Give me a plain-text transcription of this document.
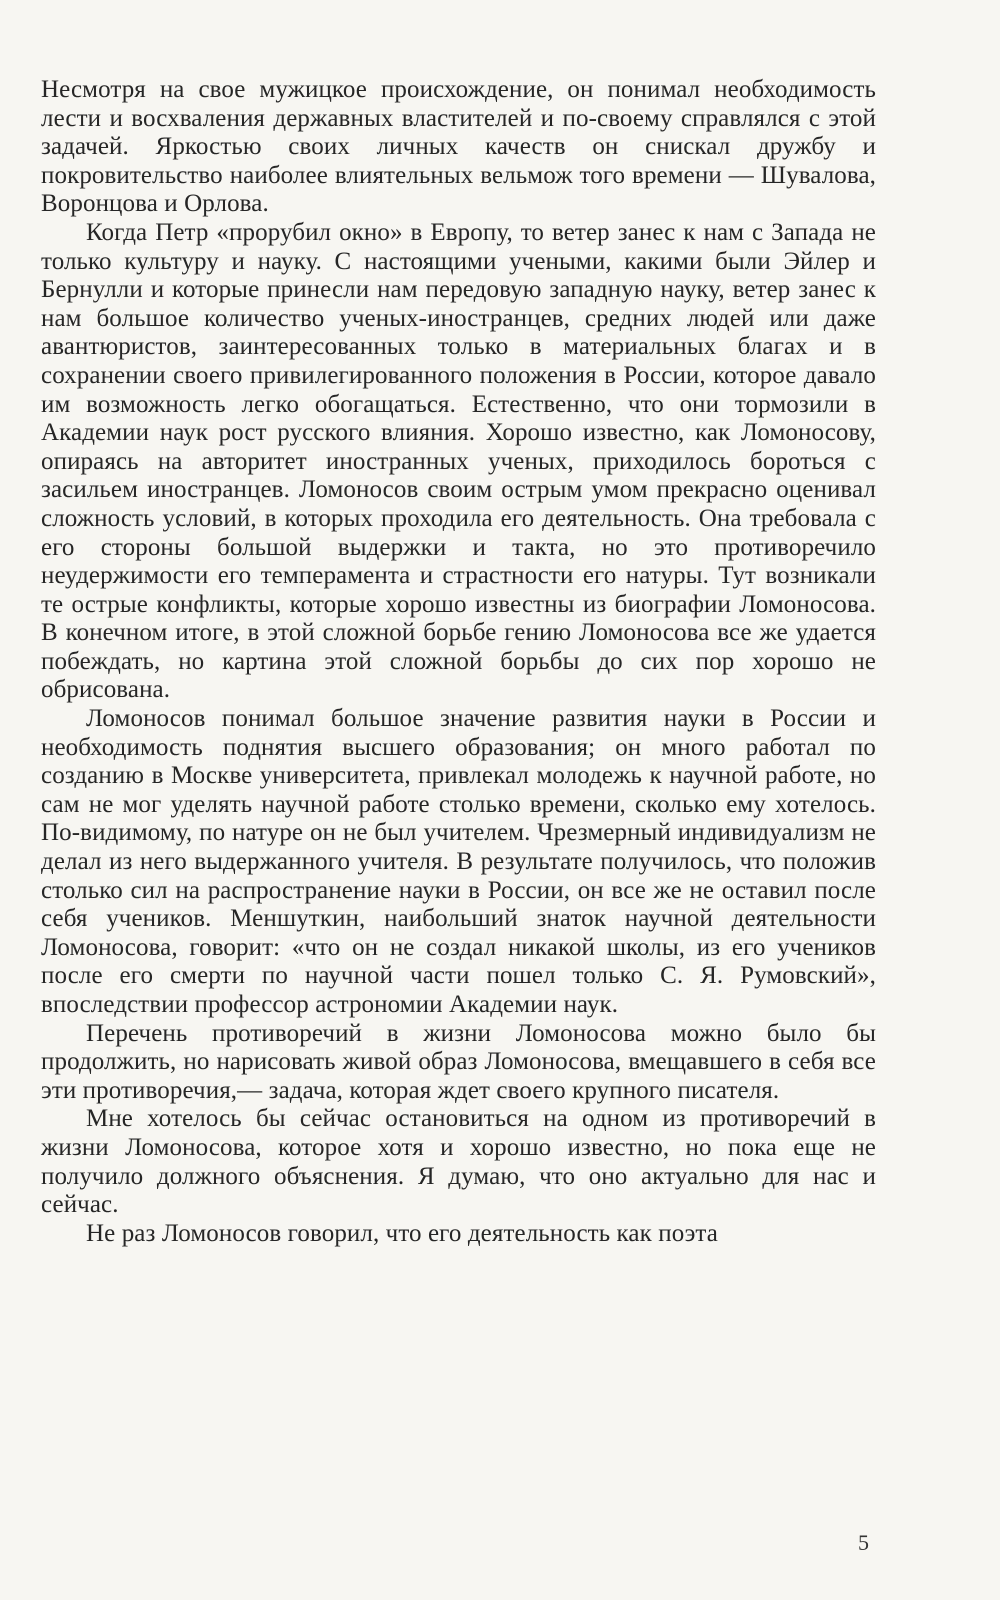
Несмотря на свое мужицкое происхождение, он понимал необходимость лести и восхваления державных властителей и по-своему справлялся с этой задачей. Яркостью своих личных качеств он снискал дружбу и покровительство наиболее влиятельных вельмож того времени — Шувалова, Воронцова и Орлова.

Когда Петр «прорубил окно» в Европу, то ветер занес к нам с Запада не только культуру и науку. С настоящими учеными, какими были Эйлер и Бернулли и которые принесли нам передовую западную науку, ветер занес к нам большое количество ученых-иностранцев, средних людей или даже авантюристов, заинтересованных только в материальных благах и в сохранении своего привилегированного положения в России, которое давало им возможность легко обогащаться. Естественно, что они тормозили в Академии наук рост русского влияния. Хорошо известно, как Ломоносову, опираясь на авторитет иностранных ученых, приходилось бороться с засильем иностранцев. Ломоносов своим острым умом прекрасно оценивал сложность условий, в которых проходила его деятельность. Она требовала с его стороны большой выдержки и такта, но это противоречило неудержимости его темперамента и страстности его натуры. Тут возникали те острые конфликты, которые хорошо известны из биографии Ломоносова. В конечном итоге, в этой сложной борьбе гению Ломоносова все же удается побеждать, но картина этой сложной борьбы до сих пор хорошо не обрисована.

Ломоносов понимал большое значение развития науки в России и необходимость поднятия высшего образования; он много работал по созданию в Москве университета, привлекал молодежь к научной работе, но сам не мог уделять научной работе столько времени, сколько ему хотелось. По-видимому, по натуре он не был учителем. Чрезмерный индивидуализм не делал из него выдержанного учителя. В результате получилось, что положив столько сил на распространение науки в России, он все же не оставил после себя учеников. Меншуткин, наибольший знаток научной деятельности Ломоносова, говорит: «что он не создал никакой школы, из его учеников после его смерти по научной части пошел только С. Я. Румовский», впоследствии профессор астрономии Академии наук.

Перечень противоречий в жизни Ломоносова можно было бы продолжить, но нарисовать живой образ Ломоносова, вмещавшего в себя все эти противоречия,— задача, которая ждет своего крупного писателя.

Мне хотелось бы сейчас остановиться на одном из противоречий в жизни Ломоносова, которое хотя и хорошо известно, но пока еще не получило должного объяснения. Я думаю, что оно актуально для нас и сейчас.

Не раз Ломоносов говорил, что его деятельность как поэта

5
